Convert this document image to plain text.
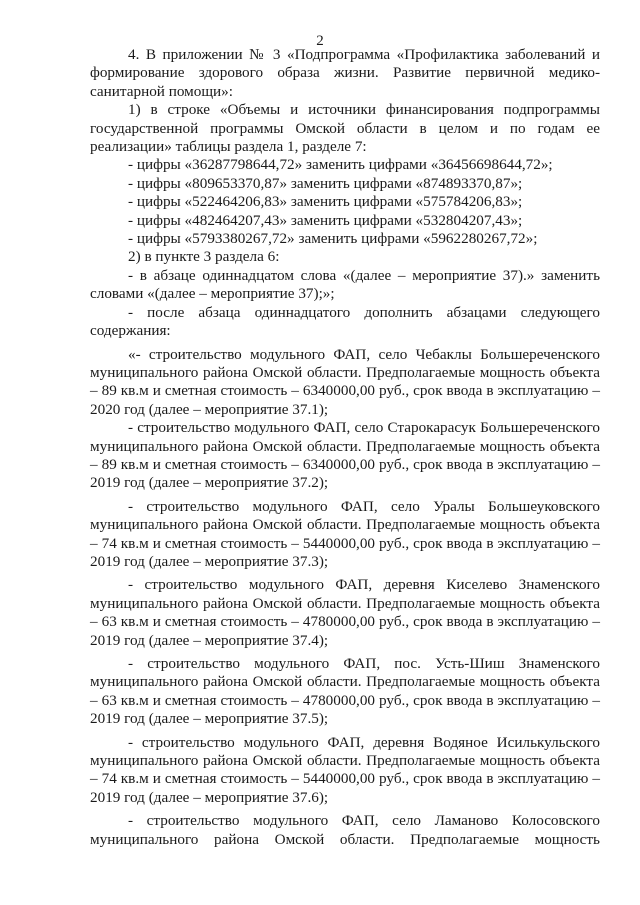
2

4. В приложении № 3 «Подпрограмма «Профилактика заболеваний и формирование здорового образа жизни. Развитие первичной медико-санитарной помощи»:

1) в строке «Объемы и источники финансирования подпрограммы государственной программы Омской области в целом и по годам ее реализации» таблицы раздела 1, разделе 7:

- цифры «36287798644,72» заменить цифрами «36456698644,72»;

- цифры «809653370,87» заменить цифрами «874893370,87»;

- цифры «522464206,83» заменить цифрами «575784206,83»;

- цифры «482464207,43» заменить цифрами «532804207,43»;

- цифры «5793380267,72» заменить цифрами «5962280267,72»;

2) в пункте 3 раздела 6:

- в абзаце одиннадцатом слова «(далее – мероприятие 37).» заменить словами «(далее – мероприятие 37);»;

- после абзаца одиннадцатого дополнить абзацами следующего содержания:

«- строительство модульного ФАП, село Чебаклы Большереченского муниципального района Омской области. Предполагаемые мощность объекта – 89 кв.м и сметная стоимость – 6340000,00 руб., срок ввода в эксплуатацию – 2020 год (далее – мероприятие 37.1);

- строительство модульного ФАП, село Старокарасук Большереченского муниципального района Омской области. Предполагаемые мощность объекта – 89 кв.м и сметная стоимость – 6340000,00 руб., срок ввода в эксплуатацию – 2019 год (далее – мероприятие 37.2);

- строительство модульного ФАП, село Уралы Большеуковского муниципального района Омской области. Предполагаемые мощность объекта – 74 кв.м и сметная стоимость – 5440000,00 руб., срок ввода в эксплуатацию – 2019 год (далее – мероприятие 37.3);

- строительство модульного ФАП, деревня Киселево Знаменского муниципального района Омской области. Предполагаемые мощность объекта – 63 кв.м и сметная стоимость – 4780000,00 руб., срок ввода в эксплуатацию – 2019 год (далее – мероприятие 37.4);

- строительство модульного ФАП, пос. Усть-Шиш Знаменского муниципального района Омской области. Предполагаемые мощность объекта – 63 кв.м и сметная стоимость – 4780000,00 руб., срок ввода в эксплуатацию – 2019 год (далее – мероприятие 37.5);

- строительство модульного ФАП, деревня Водяное Исилькульского муниципального района Омской области. Предполагаемые мощность объекта – 74 кв.м и сметная стоимость – 5440000,00 руб., срок ввода в эксплуатацию – 2019 год (далее – мероприятие 37.6);

- строительство модульного ФАП, село Ламаново Колосовского муниципального района Омской области. Предполагаемые мощность
